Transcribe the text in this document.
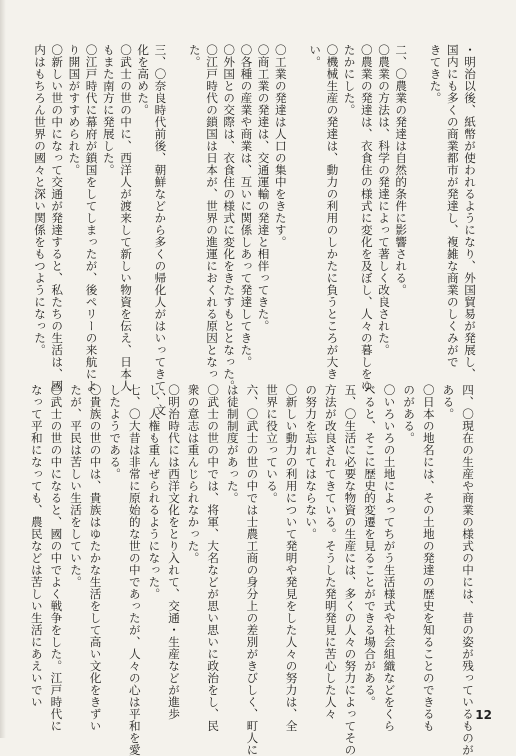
・明治以後、紙幣が使われるようになり、外国貿易が発展し、
国内にも多くの商業都市が発達し、複雑な商業のしくみがで
きてきた。
二、〇農業の発達は自然的条件に影響される。
〇農業の方法は、科学の発達によって著しく改良された。
〇農業の発達は、衣食住の様式に変化を及ぼし、人々の暮しをゆ
たかにした。
〇機械生産の発達は、動力の利用のしかたに負うところが大き
い。
〇工業の発達は人口の集中をきたす。
〇商工業の発達は、交通運輸の発達と相伴ってきた。
〇各種の産業や商業は、互いに関係しあって発達してきた。
〇外国との交際は、衣食住の様式に変化をきたすもととなった。
〇江戸時代の鎖国は日本が、世界の進運におくれる原因となっ
た。
三、〇奈良時代前後、朝鮮などから多くの帰化人がはいってきて、文
化を高めた。
〇武士の世の中に、西洋人が渡来して新しい物資を伝え、日本人
もまた南方に発展した。
〇江戸時代に幕府が鎖国をしてしまったが、後ペリーの来航によ
り開国がすすめられた。
〇新しい世の中になって交通が発達すると、私たちの生活は、國
内はもちろん世界の國々と深い関係をもつようになった。
四、〇現在の生産や商業の様式の中には、昔の姿が残っているものが
ある。
〇日本の地名には、その土地の発達の歴史を知ることのできるも
のがある。
〇いろいろの土地によってちがう生活様式や社会組織などをくら
べると、そこに歴史的変遷を見ることができる場合がある。
五、〇生活に必要な物資の生産には、多くの人々の努力によってその
方法が改良されてきている。そうした発明発見に苦心した人々
の努力を忘れてはならない。
〇新しい動力の利用について発明や発見をした人々の努力は、全
世界に役立っている。
六、〇武士の世の中では士農工商の身分上の差別がきびしく、町人に
は徒制制度があった。
〇武士の世の中では、将軍、大名などが思い思いに政治をし、民
衆の意志は重んじられなかった。
〇明治時代には西洋文化をとり入れて、交通・生産などが進歩
し、人権も重んぜられるようになった。
七、〇大昔は非常に原始的な世の中であったが、人々の心は平和を愛
したようである。
〇貴族の世の中は、貴族はゆたかな生活をして高い文化をきずい
たが、平民は苦しい生活をしていた。
〇武士の世の中になると、國の中でよく戦争をした。江戸時代に
なって平和になっても、農民などは苦しい生活にあえいでい
12
